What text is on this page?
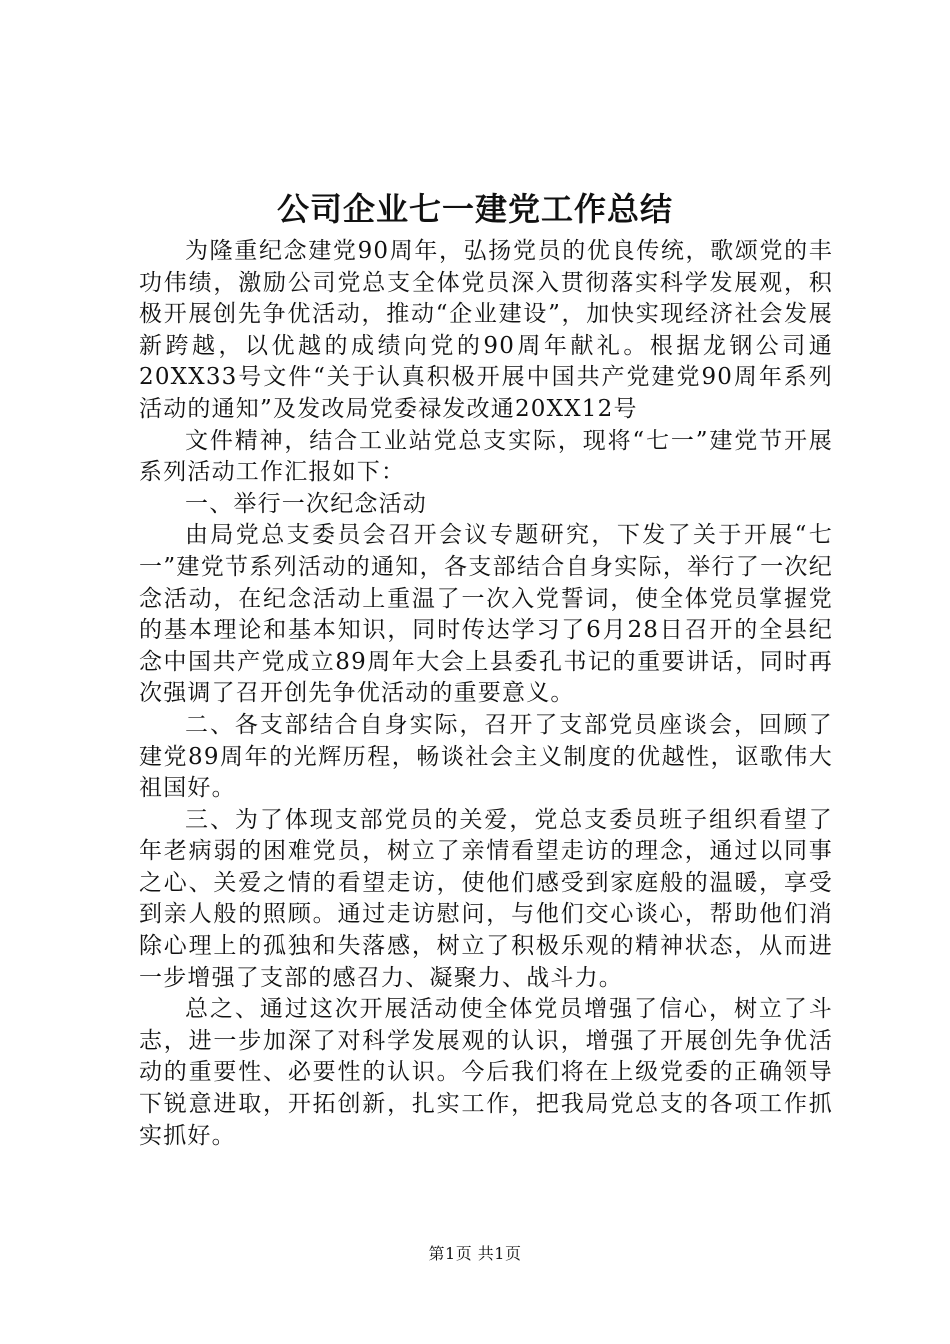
公司企业七一建党工作总结

为隆重纪念建党90周年，弘扬党员的优良传统，歌颂党的丰功伟绩，激励公司党总支全体党员深入贯彻落实科学发展观，积极开展创先争优活动，推动“企业建设”，加快实现经济社会发展新跨越，以优越的成绩向党的90周年献礼。根据龙钢公司通20XX33号文件“关于认真积极开展中国共产党建党90周年系列活动的通知”及发改局党委禄发改通20XX12号

文件精神，结合工业站党总支实际，现将“七一”建党节开展系列活动工作汇报如下：

一、举行一次纪念活动

由局党总支委员会召开会议专题研究，下发了关于开展“七一”建党节系列活动的通知，各支部结合自身实际，举行了一次纪念活动，在纪念活动上重温了一次入党誓词，使全体党员掌握党的基本理论和基本知识，同时传达学习了6月28日召开的全县纪念中国共产党成立89周年大会上县委孔书记的重要讲话，同时再次强调了召开创先争优活动的重要意义。

二、各支部结合自身实际，召开了支部党员座谈会，回顾了建党89周年的光辉历程，畅谈社会主义制度的优越性，讴歌伟大祖国好。

三、为了体现支部党员的关爱，党总支委员班子组织看望了年老病弱的困难党员，树立了亲情看望走访的理念，通过以同事之心、关爱之情的看望走访，使他们感受到家庭般的温暖，享受到亲人般的照顾。通过走访慰问，与他们交心谈心，帮助他们消除心理上的孤独和失落感，树立了积极乐观的精神状态，从而进一步增强了支部的感召力、凝聚力、战斗力。

总之、通过这次开展活动使全体党员增强了信心，树立了斗志，进一步加深了对科学发展观的认识，增强了开展创先争优活动的重要性、必要性的认识。今后我们将在上级党委的正确领导下锐意进取，开拓创新，扎实工作，把我局党总支的各项工作抓实抓好。

第1页 共1页
